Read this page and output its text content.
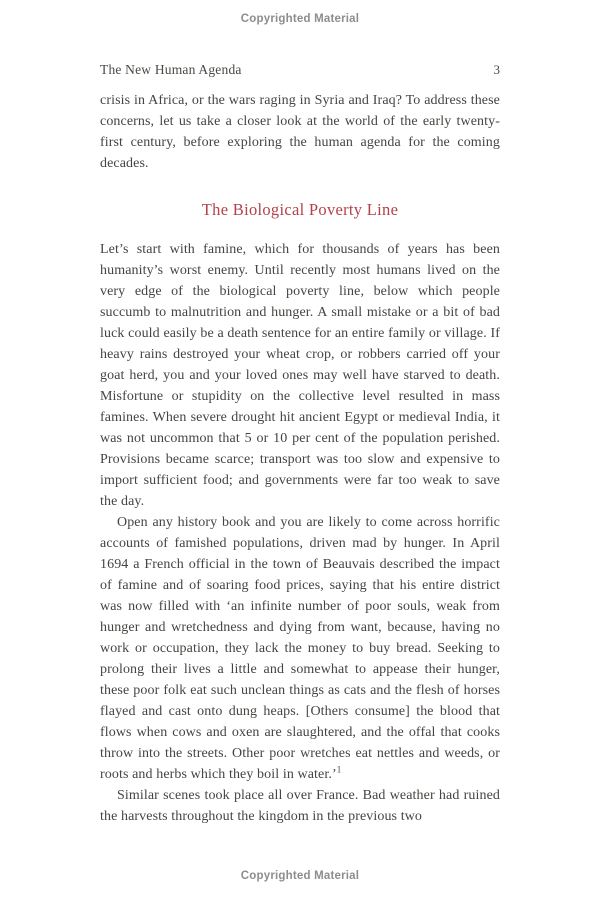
Copyrighted Material
The New Human Agenda	3

crisis in Africa, or the wars raging in Syria and Iraq? To address these concerns, let us take a closer look at the world of the early twenty-first century, before exploring the human agenda for the coming decades.

The Biological Poverty Line

Let’s start with famine, which for thousands of years has been humanity’s worst enemy. Until recently most humans lived on the very edge of the biological poverty line, below which people succumb to malnutrition and hunger. A small mistake or a bit of bad luck could easily be a death sentence for an entire family or village. If heavy rains destroyed your wheat crop, or robbers carried off your goat herd, you and your loved ones may well have starved to death. Misfortune or stupidity on the collective level resulted in mass famines. When severe drought hit ancient Egypt or medieval India, it was not uncommon that 5 or 10 per cent of the population perished. Provisions became scarce; transport was too slow and expensive to import sufficient food; and governments were far too weak to save the day.

Open any history book and you are likely to come across horrific accounts of famished populations, driven mad by hunger. In April 1694 a French official in the town of Beauvais described the impact of famine and of soaring food prices, saying that his entire district was now filled with ‘an infinite number of poor souls, weak from hunger and wretchedness and dying from want, because, having no work or occupation, they lack the money to buy bread. Seeking to prolong their lives a little and somewhat to appease their hunger, these poor folk eat such unclean things as cats and the flesh of horses flayed and cast onto dung heaps. [Others consume] the blood that flows when cows and oxen are slaughtered, and the offal that cooks throw into the streets. Other poor wretches eat nettles and weeds, or roots and herbs which they boil in water.’$^1$

Similar scenes took place all over France. Bad weather had ruined the harvests throughout the kingdom in the previous two

Copyrighted Material
